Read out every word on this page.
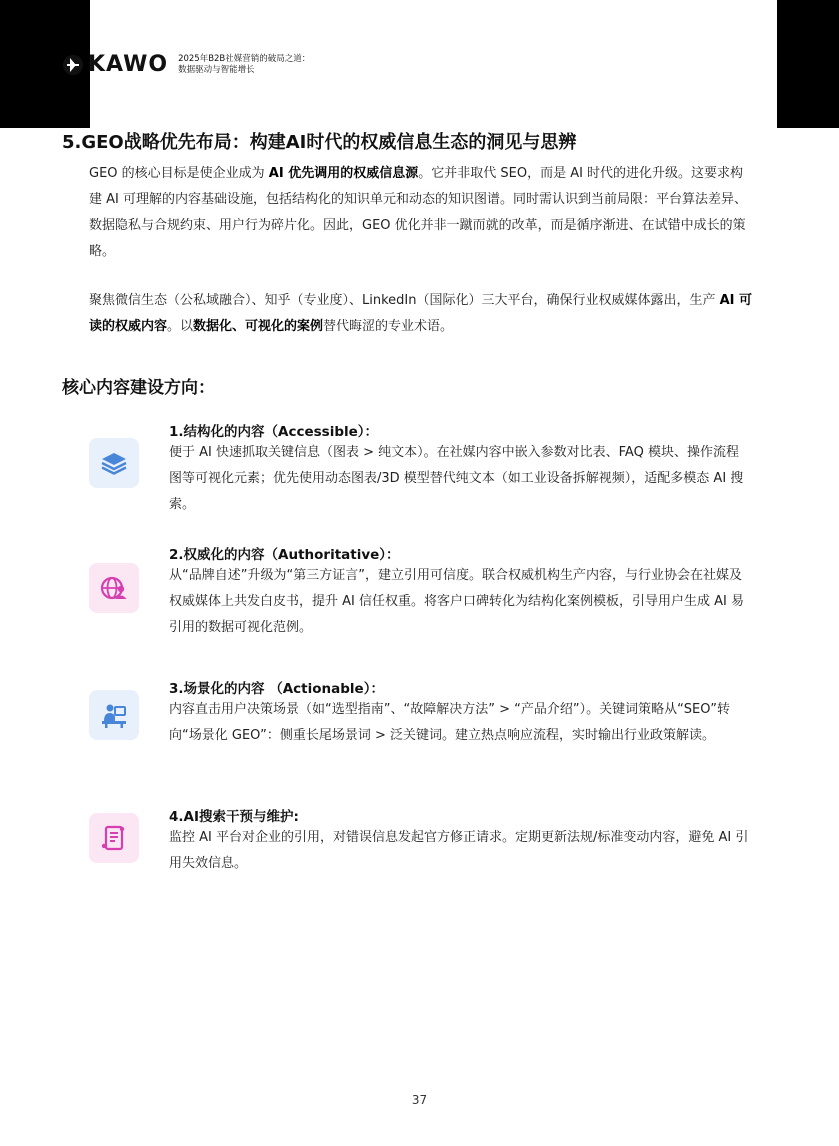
KAWO 2025年B2B社媒营销的破局之道：
数据驱动与智能增长
5.GEO战略优先布局：构建AI时代的权威信息生态的洞见与思辨

GEO 的核心目标是使企业成为 AI 优先调用的权威信息源。它并非取代 SEO，而是 AI 时代的进化升级。这要求构建 AI 可理解的内容基础设施，包括结构化的知识单元和动态的知识图谱。同时需认识到当前局限：平台算法差异、数据隐私与合规约束、用户行为碎片化。因此，GEO 优化并非一蹴而就的改革，而是循序渐进、在试错中成长的策略。

聚焦微信生态（公私域融合）、知乎（专业度）、LinkedIn（国际化）三大平台，确保行业权威媒体露出，生产 AI 可读的权威内容。以数据化、可视化的案例替代晦涩的专业术语。

核心内容建设方向：
1.结构化的内容（Accessible）：

便于 AI 快速抓取关键信息（图表 > 纯文本）。在社媒内容中嵌入参数对比表、FAQ 模块、操作流程图等可视化元素；优先使用动态图表/3D 模型替代纯文本（如工业设备拆解视频），适配多模态 AI 搜索。

2.权威化的内容（Authoritative）：

从“品牌自述”升级为“第三方证言”，建立引用可信度。联合权威机构生产内容，与行业协会在社媒及权威媒体上共发白皮书，提升 AI 信任权重。将客户口碑转化为结构化案例模板，引导用户生成 AI 易引用的数据可视化范例。

3.场景化的内容 （Actionable）：

内容直击用户决策场景（如“选型指南”、“故障解决方法” > “产品介绍”）。关键词策略从“SEO”转向“场景化 GEO”：侧重长尾场景词 > 泛关键词。建立热点响应流程，实时输出行业政策解读。

4.AI搜索干预与维护:

监控 AI 平台对企业的引用，对错误信息发起官方修正请求。定期更新法规/标准变动内容，避免 AI 引用失效信息。

37
